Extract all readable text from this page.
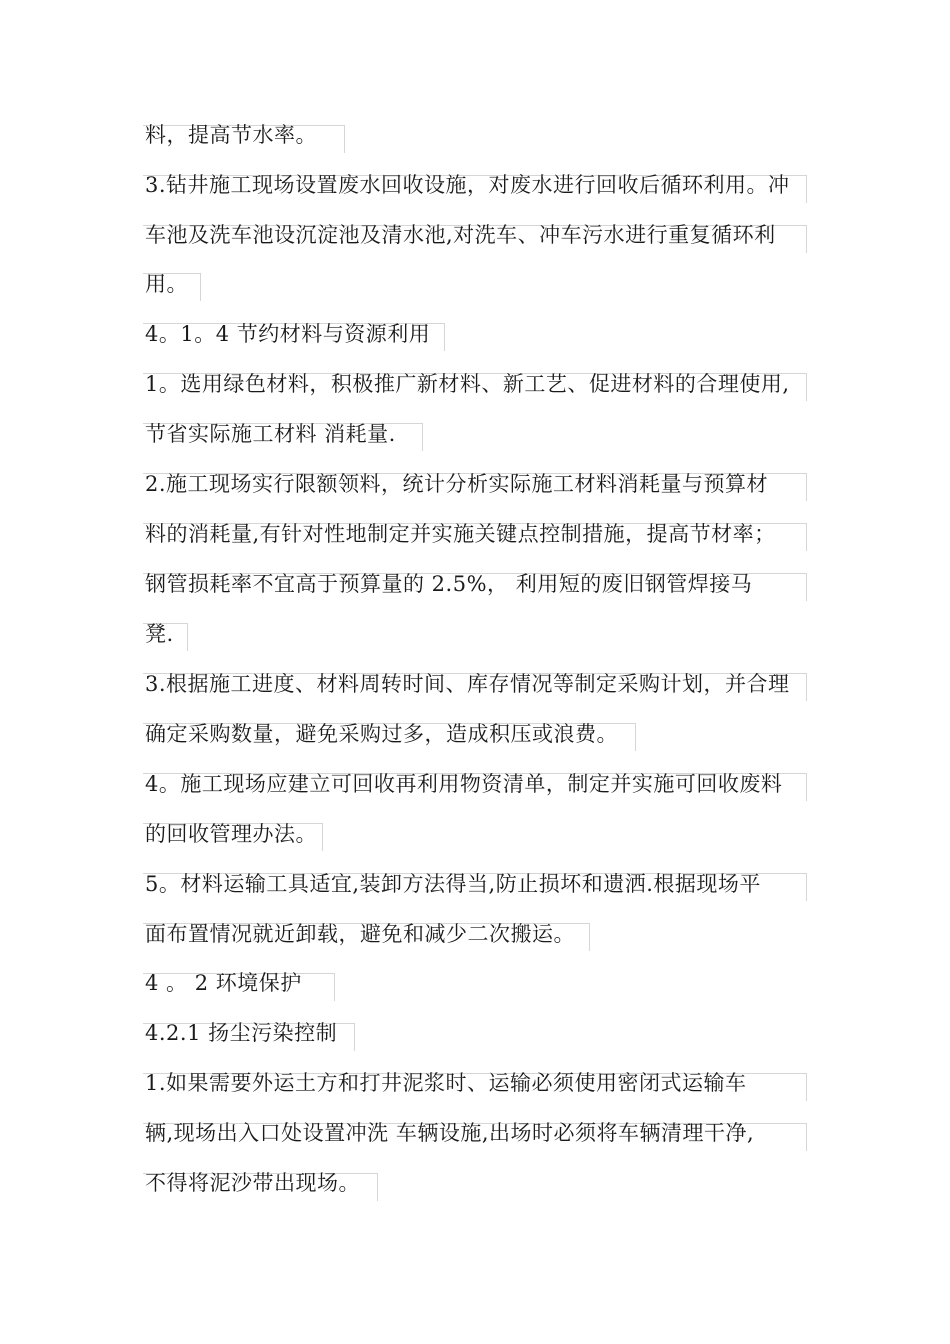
料，提高节水率。
3.钻井施工现场设置废水回收设施，对废水进行回收后循环利用。冲
车池及洗车池设沉淀池及清水池,对洗车、冲车污水进行重复循环利
用。
4。1。4 节约材料与资源利用
1。选用绿色材料，积极推广新材料、新工艺、促进材料的合理使用,
节省实际施工材料 消耗量.
2.施工现场实行限额领料，统计分析实际施工材料消耗量与预算材
料的消耗量,有针对性地制定并实施关键点控制措施，提高节材率；
钢管损耗率不宜高于预算量的 2.5%， 利用短的废旧钢管焊接马
凳.
3.根据施工进度、材料周转时间、库存情况等制定采购计划，并合理
确定采购数量，避免采购过多，造成积压或浪费。
4。施工现场应建立可回收再利用物资清单，制定并实施可回收废料
的回收管理办法。
5。材料运输工具适宜,装卸方法得当,防止损坏和遗洒.根据现场平
面布置情况就近卸载，避免和减少二次搬运。
4 。 2 环境保护
4.2.1 扬尘污染控制
1.如果需要外运土方和打井泥浆时、运输必须使用密闭式运输车
辆,现场出入口处设置冲洗 车辆设施,出场时必须将车辆清理干净,
不得将泥沙带出现场。
